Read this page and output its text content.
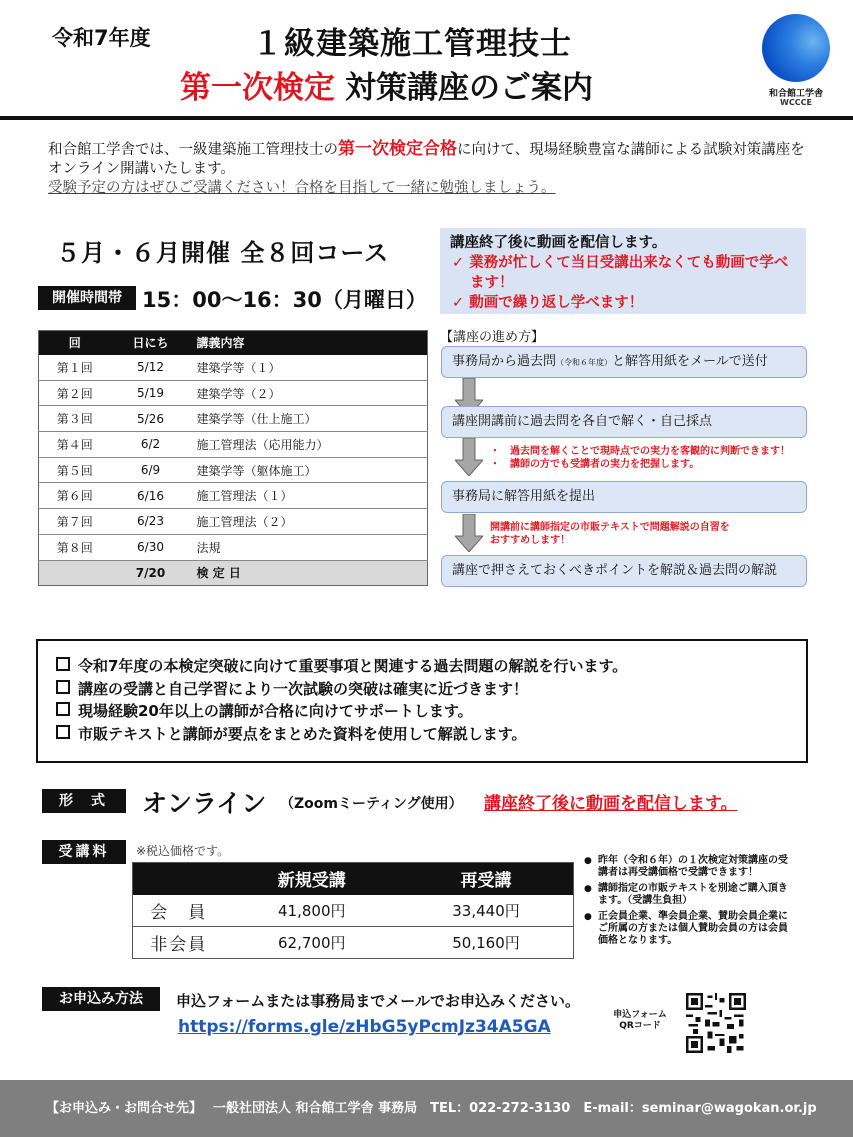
令和7年度	１級建築施工管理技士
第一次検定 対策講座のご案内	和合館工学舎
WCCCE
和合館工学舎では、一級建築施工管理技士の第一次検定合格に向けて、現場経験豊富な講師による試験対策講座をオンライン開講いたします。
受験予定の方はぜひご受講ください！合格を目指して一緒に勉強しましょう。
５月・６月開催 全８回コース
開催時間帯 15：00〜16：30（月曜日）
講座終了後に動画を配信します。
✓ 業務が忙しくて当日受講出来なくても動画で学べます！
✓ 動画で繰り返し学べます！
回	日にち	講義内容
第１回	5/12	建築学等（１）
第２回	5/19	建築学等（２）
第３回	5/26	建築学等（仕上施工）
第４回	6/2	施工管理法（応用能力）
第５回	6/9	建築学等（躯体施工）
第６回	6/16	施工管理法（１）
第７回	6/23	施工管理法（２）
第８回	6/30	法規
	7/20	検 定 日
【講座の進め方】
事務局から過去問（令和６年度）と解答用紙をメールで送付
講座開講前に過去問を各自で解く・自己採点
・　過去問を解くことで現時点での実力を客観的に判断できます！
・　講師の方でも受講者の実力を把握します。
事務局に解答用紙を提出
開講前に講師指定の市販テキストで問題解説の自習を
おすすめします！
講座で押さえておくべきポイントを解説＆過去問の解説
令和7年度の本検定突破に向けて重要事項と関連する過去問題の解説を行います。
講座の受講と自己学習により一次試験の突破は確実に近づきます！
現場経験20年以上の講師が合格に向けてサポートします。
市販テキストと講師が要点をまとめた資料を使用して解説します。
形式 オンライン （Zoomミーティング使用） 講座終了後に動画を配信します。
受講料	※税込価格です。
	新規受講	再受講
会　員	41,800円	33,440円
非会員	62,700円	50,160円
● 昨年（令和６年）の１次検定対策講座の受講者は再受講価格で受講できます！
● 講師指定の市販テキストを別途ご購入頂きます。（受講生負担）
● 正会員企業、準会員企業、賛助会員企業にご所属の方または個人賛助会員の方は会員価格となります。
お申込み方法	申込フォームまたは事務局までメールでお申込みください。
https://forms.gle/zHbG5yPcmJz34A5GA
申込フォーム
QRコード
【お申込み・お問合せ先】　 一般社団法人 和合館工学舎 事務局　TEL：022-272-3130　E-mail：seminar@wagokan.or.jp
